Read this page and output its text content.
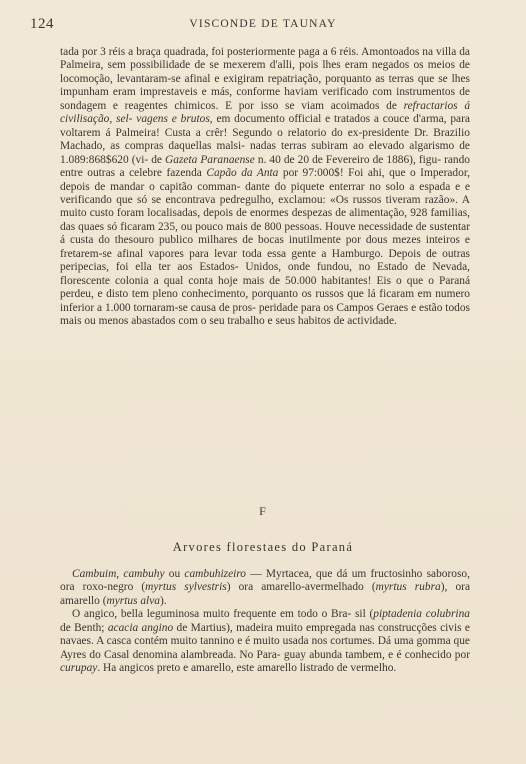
124	VISCONDE DE TAUNAY

tada por 3 réis a braça quadrada, foi posteriormente paga a 6 réis. Amontoados na villa da Palmeira, sem possibilidade de se mexerem d'alli, pois lhes eram negados os meios de locomoção, levantaram-se afinal e exigiram repatriação, porquanto as terras que se lhes impunham eram imprestaveis e más, conforme haviam verificado com instrumentos de sondagem e reagentes chimicos. E por isso se viam acoimados de refractarios á civilisação, sel- vagens e brutos, em documento official e tratados a couce d'arma, para voltarem á Palmeira! Custa a crêr! Segundo o relatorio do ex-presidente Dr. Brazilio Machado, as compras daquellas malsi- nadas terras subiram ao elevado algarismo de 1.089:868$620 (vi- de Gazeta Paranaense n. 40 de 20 de Fevereiro de 1886), figu- rando entre outras a celebre fazenda Capão da Anta por 97:000$! Foi ahi, que o Imperador, depois de mandar o capitão comman- dante do piquete enterrar no solo a espada e e verificando que só se encontrava pedregulho, exclamou: «Os russos tiveram razão». A muito custo foram localisadas, depois de enormes despezas de alimentação, 928 familias, das quaes só ficaram 235, ou pouco mais de 800 pessoas. Houve necessidade de sustentar á custa do thesouro publico milhares de bocas inutilmente por dous mezes inteiros e fretarem-se afinal vapores para levar toda essa gente a Hamburgo. Depois de outras peripecias, foi ella ter aos Estados- Unidos, onde fundou, no Estado de Nevada, florescente colonia a qual conta hoje mais de 50.000 habitantes! Eis o que o Paraná perdeu, e disto tem pleno conhecimento, porquanto os russos que lá ficaram em numero inferior a 1.000 tornaram-se causa de pros- peridade para os Campos Geraes e estão todos mais ou menos abastados com o seu trabalho e seus habitos de actividade.

F
Arvores florestaes do Paraná

Cambuim, cambuhy ou cambuhizeiro — Myrtacea, que dá um fructosinho saboroso, ora roxo-negro (myrtus sylvestris) ora amarello-avermelhado (myrtus rubra), ora amarello (myrtus alva).

O angico, bella leguminosa muito frequente em todo o Bra- sil (piptadenia colubrina de Benth; acacia angino de Martius), madeira muito empregada nas construcções civis e navaes. A casca contém muito tannino e é muito usada nos cortumes. Dá uma gomma que Ayres do Casal denomina alambreada. No Para- guay abunda tambem, e é conhecido por curupay. Ha angicos preto e amarello, este amarello listrado de vermelho.
